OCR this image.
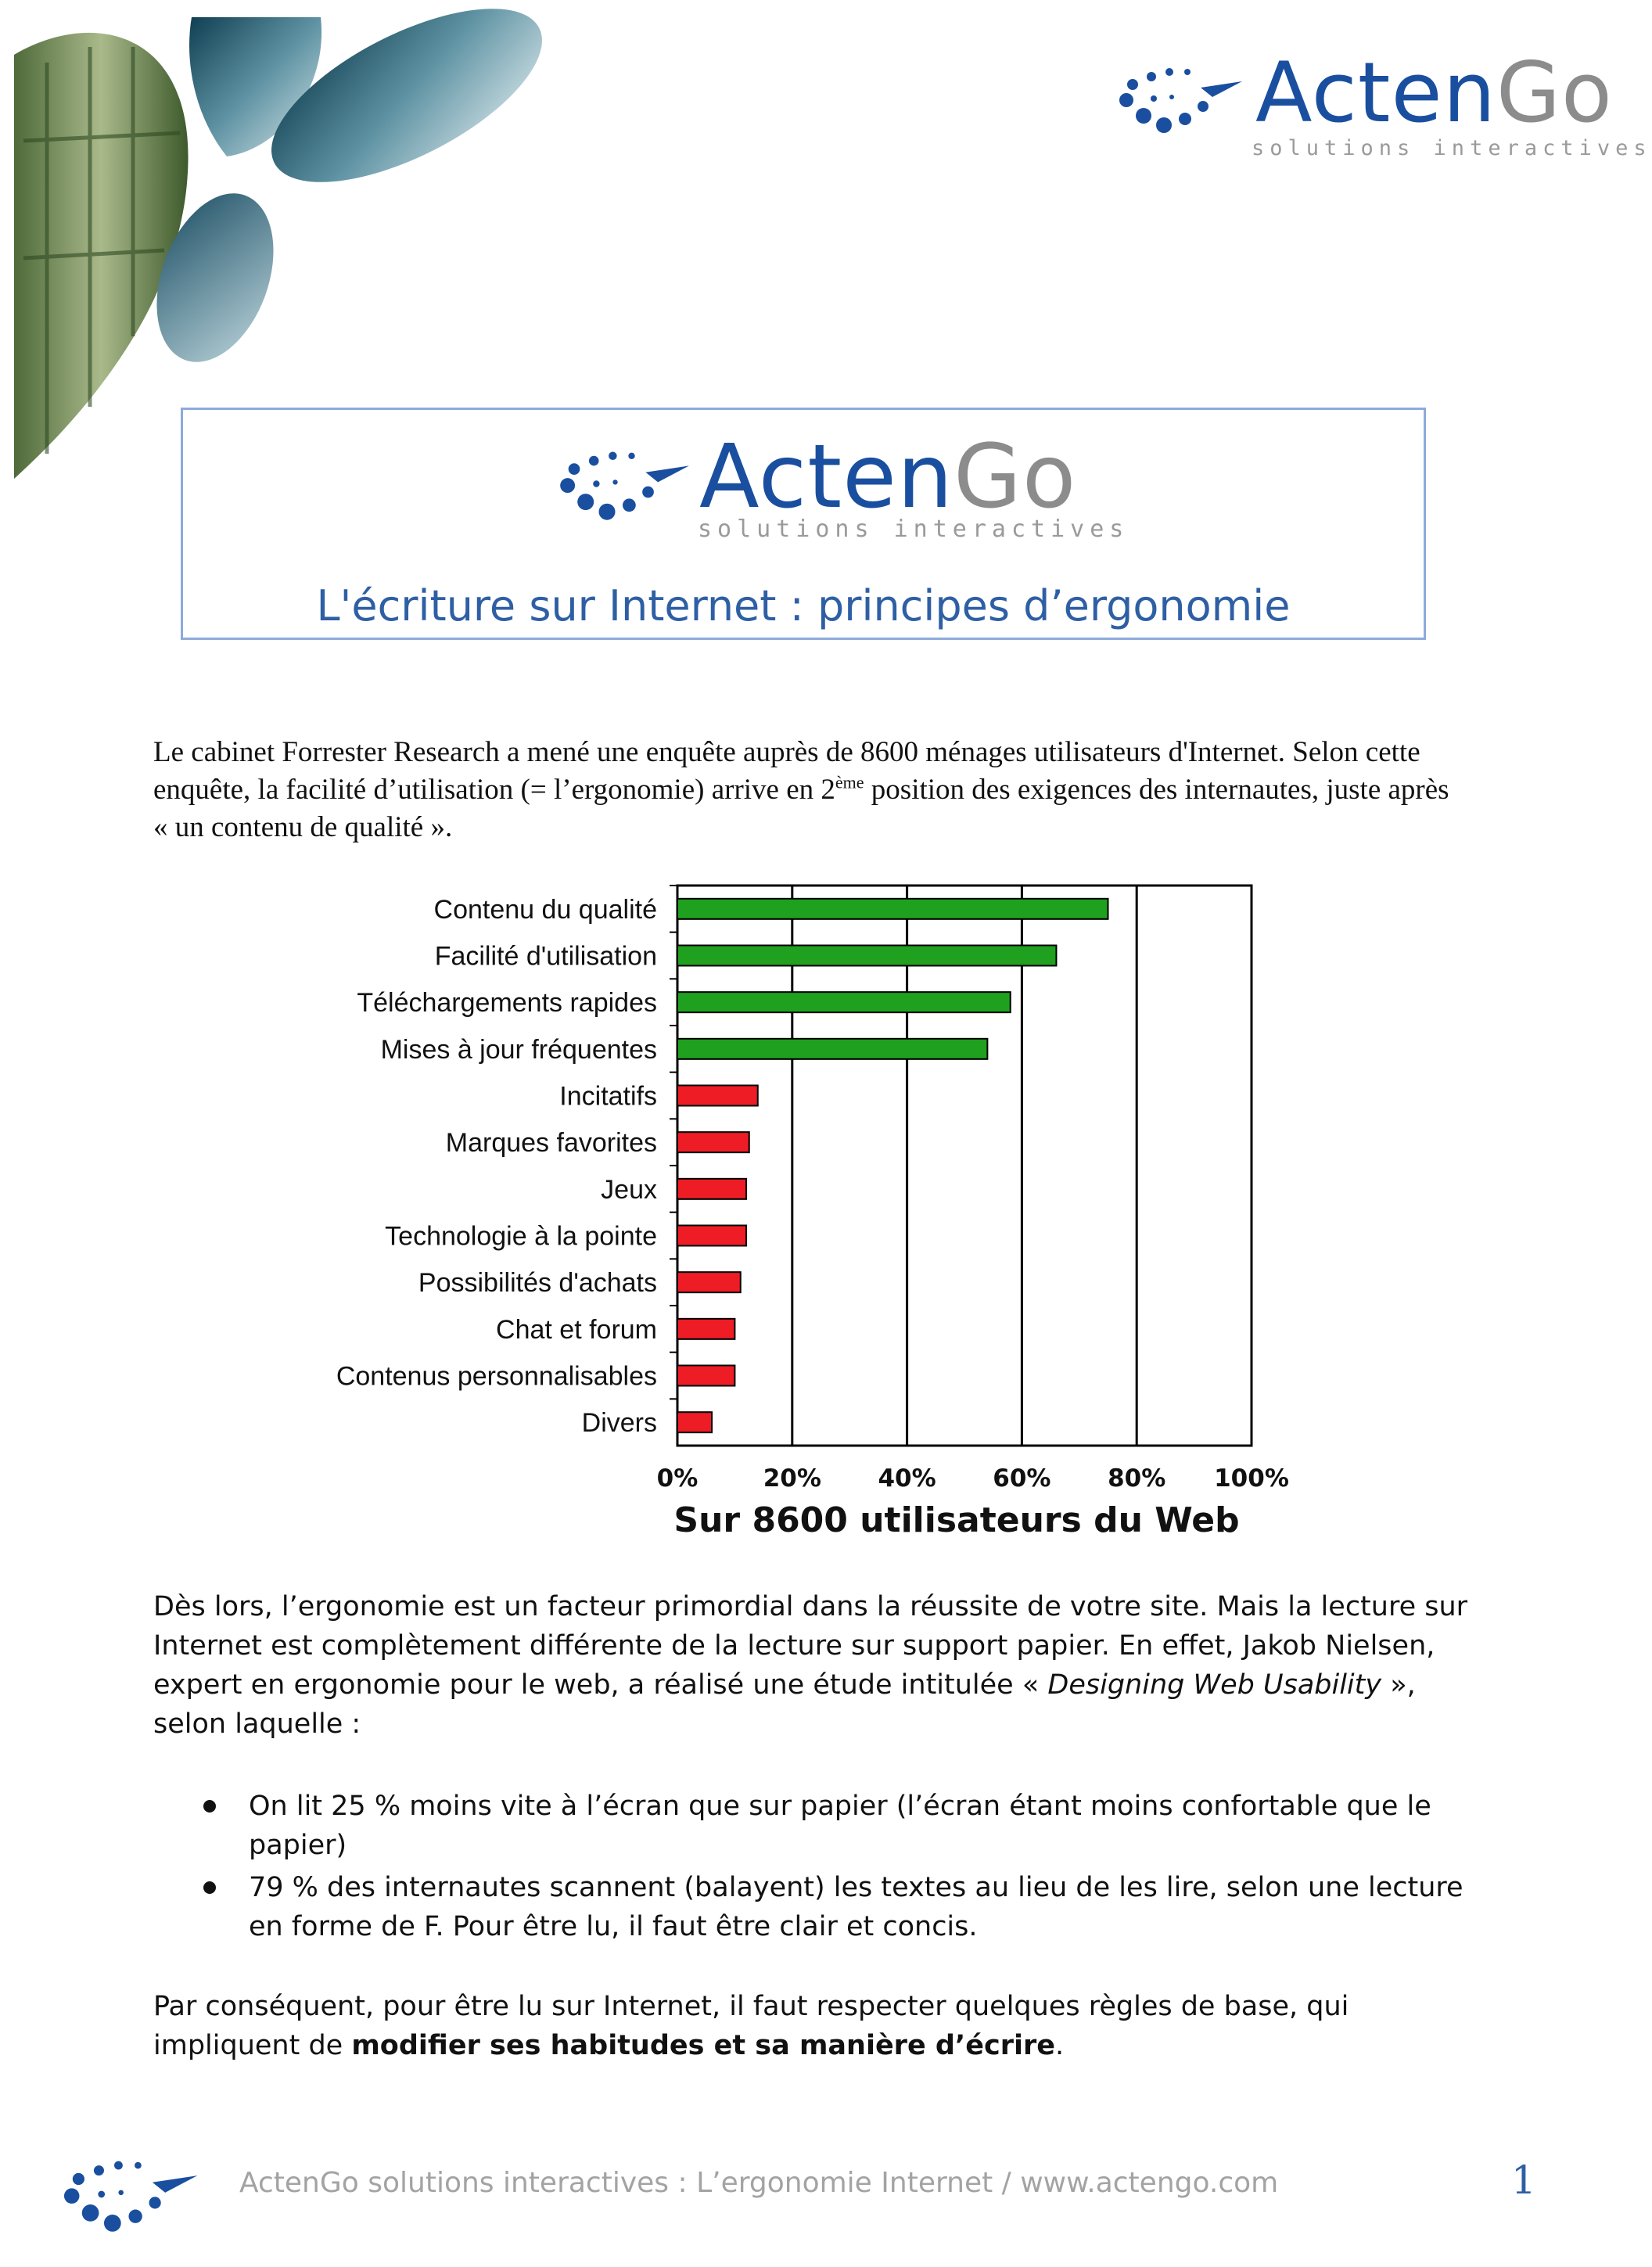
ActenGo
solutions interactives
ActenGo
solutions interactives
L'écriture sur Internet : principes d’ergonomie
Le cabinet Forrester Research a mené une enquête auprès de 8600 ménages utilisateurs d'Internet. Selon cette enquête, la facilité d’utilisation (= l’ergonomie) arrive en 2ème position des exigences des internautes, juste après « un contenu de qualité ».
Contenu du qualité
Facilité d'utilisation
Téléchargements rapides
Mises à jour fréquentes
Incitatifs
Marques favorites
Jeux
Technologie à la pointe
Possibilités d'achats
Chat et forum
Contenus personnalisables
Divers
0%	20% 40% 60% 80% 100%
Sur 8600 utilisateurs du Web
Dès lors, l’ergonomie est un facteur primordial dans la réussite de votre site. Mais la lecture sur Internet est complètement différente de la lecture sur support papier. En effet, Jakob Nielsen, expert en ergonomie pour le web, a réalisé une étude intitulée « Designing Web Usability », selon laquelle :
On lit 25 % moins vite à l’écran que sur papier (l’écran étant moins confortable que le papier)
79 % des internautes scannent (balayent) les textes au lieu de les lire, selon une lecture en forme de F. Pour être lu, il faut être clair et concis.
Par conséquent, pour être lu sur Internet, il faut respecter quelques règles de base, qui impliquent de modifier ses habitudes et sa manière d’écrire.
ActenGo solutions interactives : L’ergonomie Internet / www.actengo.com	1
